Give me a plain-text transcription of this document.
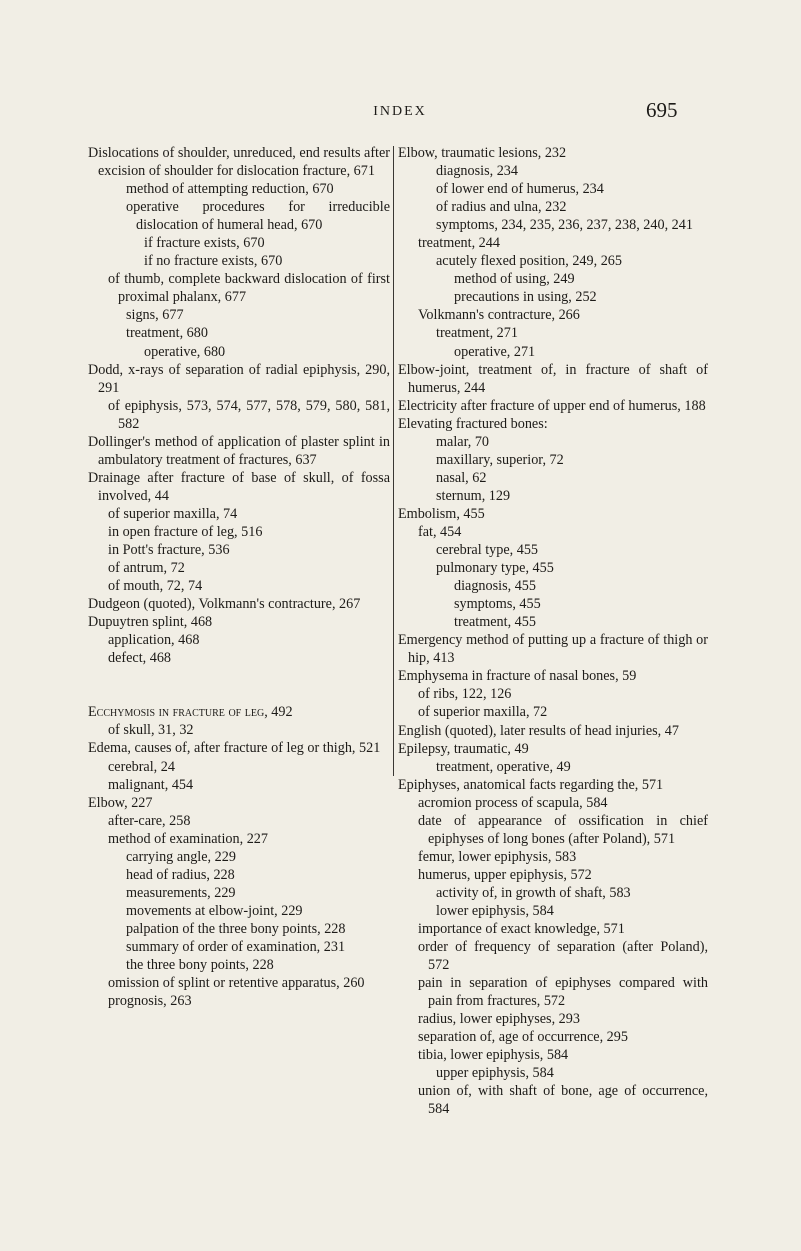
INDEX	695
Dislocations of shoulder, unreduced, end results after excision of shoulder for dislocation fracture, 671
method of attempting reduction, 670
operative procedures for irreducible dislocation of humeral head, 670
if fracture exists, 670
if no fracture exists, 670
of thumb, complete backward dislocation of first proximal phalanx, 677
signs, 677
treatment, 680
operative, 680
Dodd, x-rays of separation of radial epiphysis, 290, 291
of epiphysis, 573, 574, 577, 578, 579, 580, 581, 582
Dollinger's method of application of plaster splint in ambulatory treatment of fractures, 637
Drainage after fracture of base of skull, of fossa involved, 44
of superior maxilla, 74
in open fracture of leg, 516
in Pott's fracture, 536
of antrum, 72
of mouth, 72, 74
Dudgeon (quoted), Volkmann's contracture, 267
Dupuytren splint, 468
application, 468
defect, 468
Ecchymosis in fracture of leg, 492
of skull, 31, 32
Edema, causes of, after fracture of leg or thigh, 521
cerebral, 24
malignant, 454
Elbow, 227
after-care, 258
method of examination, 227
carrying angle, 229
head of radius, 228
measurements, 229
movements at elbow-joint, 229
palpation of the three bony points, 228
summary of order of examination, 231
the three bony points, 228
omission of splint or retentive apparatus, 260
prognosis, 263
Elbow, traumatic lesions, 232
diagnosis, 234
of lower end of humerus, 234
of radius and ulna, 232
symptoms, 234, 235, 236, 237, 238, 240, 241
treatment, 244
acutely flexed position, 249, 265
method of using, 249
precautions in using, 252
Volkmann's contracture, 266
treatment, 271
operative, 271
Elbow-joint, treatment of, in fracture of shaft of humerus, 244
Electricity after fracture of upper end of humerus, 188
Elevating fractured bones:
malar, 70
maxillary, superior, 72
nasal, 62
sternum, 129
Embolism, 455
fat, 454
cerebral type, 455
pulmonary type, 455
diagnosis, 455
symptoms, 455
treatment, 455
Emergency method of putting up a fracture of thigh or hip, 413
Emphysema in fracture of nasal bones, 59
of ribs, 122, 126
of superior maxilla, 72
English (quoted), later results of head injuries, 47
Epilepsy, traumatic, 49
treatment, operative, 49
Epiphyses, anatomical facts regarding the, 571
acromion process of scapula, 584
date of appearance of ossification in chief epiphyses of long bones (after Poland), 571
femur, lower epiphysis, 583
humerus, upper epiphysis, 572
activity of, in growth of shaft, 583
lower epiphysis, 584
importance of exact knowledge, 571
order of frequency of separation (after Poland), 572
pain in separation of epiphyses compared with pain from fractures, 572
radius, lower epiphyses, 293
separation of, age of occurrence, 295
tibia, lower epiphysis, 584
upper epiphysis, 584
union of, with shaft of bone, age of occurrence, 584
